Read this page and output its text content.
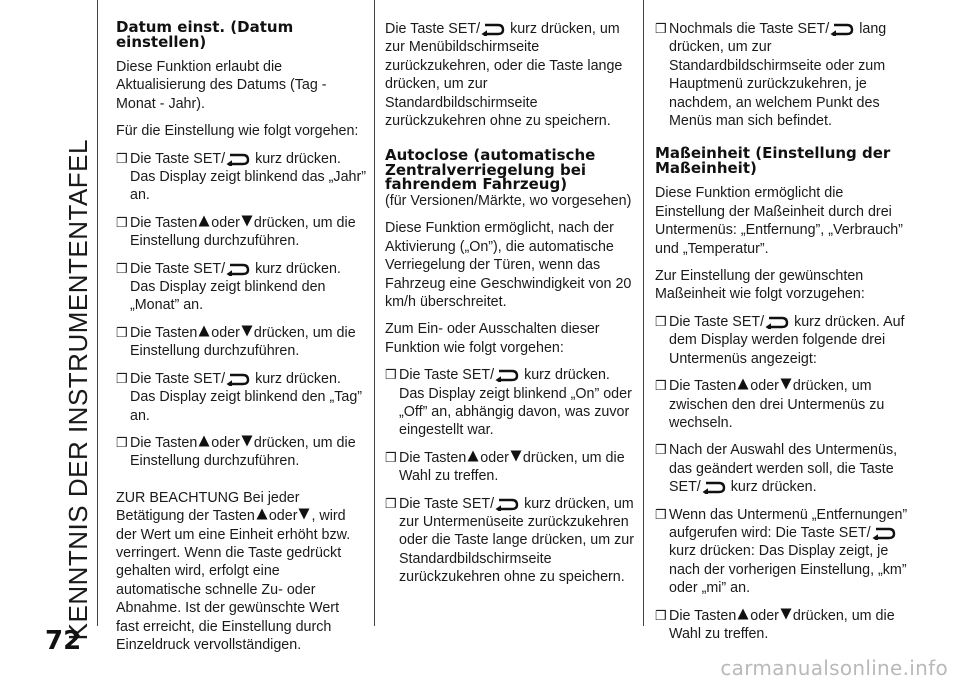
KENNTNIS DER INSTRUMENTENTAFEL
72
Datum einst. (Datum einstellen)

Diese Funktion erlaubt die Aktualisierung des Datums (Tag - Monat - Jahr).

Für die Einstellung wie folgt vorgehen:

❒ Die Taste SET/ kurz drücken. Das Display zeigt blinkend das „Jahr” an.
❒ Die Tasten oder drücken, um die Einstellung durchzuführen.
❒ Die Taste SET/ kurz drücken. Das Display zeigt blinkend den „Monat” an.
❒ Die Tasten oder drücken, um die Einstellung durchzuführen.
❒ Die Taste SET/ kurz drücken. Das Display zeigt blinkend den „Tag” an.
❒ Die Tasten oder drücken, um die Einstellung durchzuführen.

ZUR BEACHTUNG Bei jeder Betätigung der Tasten oder , wird der Wert um eine Einheit erhöht bzw. verringert. Wenn die Taste gedrückt gehalten wird, erfolgt eine automatische schnelle Zu- oder Abnahme. Ist der gewünschte Wert fast erreicht, die Einstellung durch Einzeldruck vervollständigen.

Die Taste SET/ kurz drücken, um zur Menübildschirmseite zurückzukehren, oder die Taste lange drücken, um zur Standardbildschirmseite zurückzukehren ohne zu speichern.

Autoclose (automatische Zentralverriegelung bei fahrendem Fahrzeug)

(für Versionen/Märkte, wo vorgesehen)

Diese Funktion ermöglicht, nach der Aktivierung („On”), die automatische Verriegelung der Türen, wenn das Fahrzeug eine Geschwindigkeit von 20 km/h überschreitet.

Zum Ein- oder Ausschalten dieser Funktion wie folgt vorgehen:

❒ Die Taste SET/ kurz drücken. Das Display zeigt blinkend „On” oder „Off” an, abhängig davon, was zuvor eingestellt war.
❒ Die Tasten oder drücken, um die Wahl zu treffen.
❒ Die Taste SET/ kurz drücken, um zur Untermenüseite zurückzukehren oder die Taste lange drücken, um zur Standardbildschirmseite zurückzukehren ohne zu speichern.
❒ Nochmals die Taste SET/ lang drücken, um zur Standardbildschirmseite oder zum Hauptmenü zurückzukehren, je nachdem, an welchem Punkt des Menüs man sich befindet.
Maßeinheit (Einstellung der Maßeinheit)

Diese Funktion ermöglicht die Einstellung der Maßeinheit durch drei Untermenüs: „Entfernung”, „Verbrauch” und „Temperatur”.

Zur Einstellung der gewünschten Maßeinheit wie folgt vorzugehen:

❒ Die Taste SET/ kurz drücken. Auf dem Display werden folgende drei Untermenüs angezeigt:
❒ Die Tasten oder drücken, um zwischen den drei Untermenüs zu wechseln.
❒ Nach der Auswahl des Untermenüs, das geändert werden soll, die Taste SET/ kurz drücken.
❒ Wenn das Untermenü „Entfernungen” aufgerufen wird: Die Taste SET/ kurz drücken: Das Display zeigt, je nach der vorherigen Einstellung, „km” oder „mi” an.
❒ Die Tasten oder drücken, um die Wahl zu treffen.
carmanualsonline.info
